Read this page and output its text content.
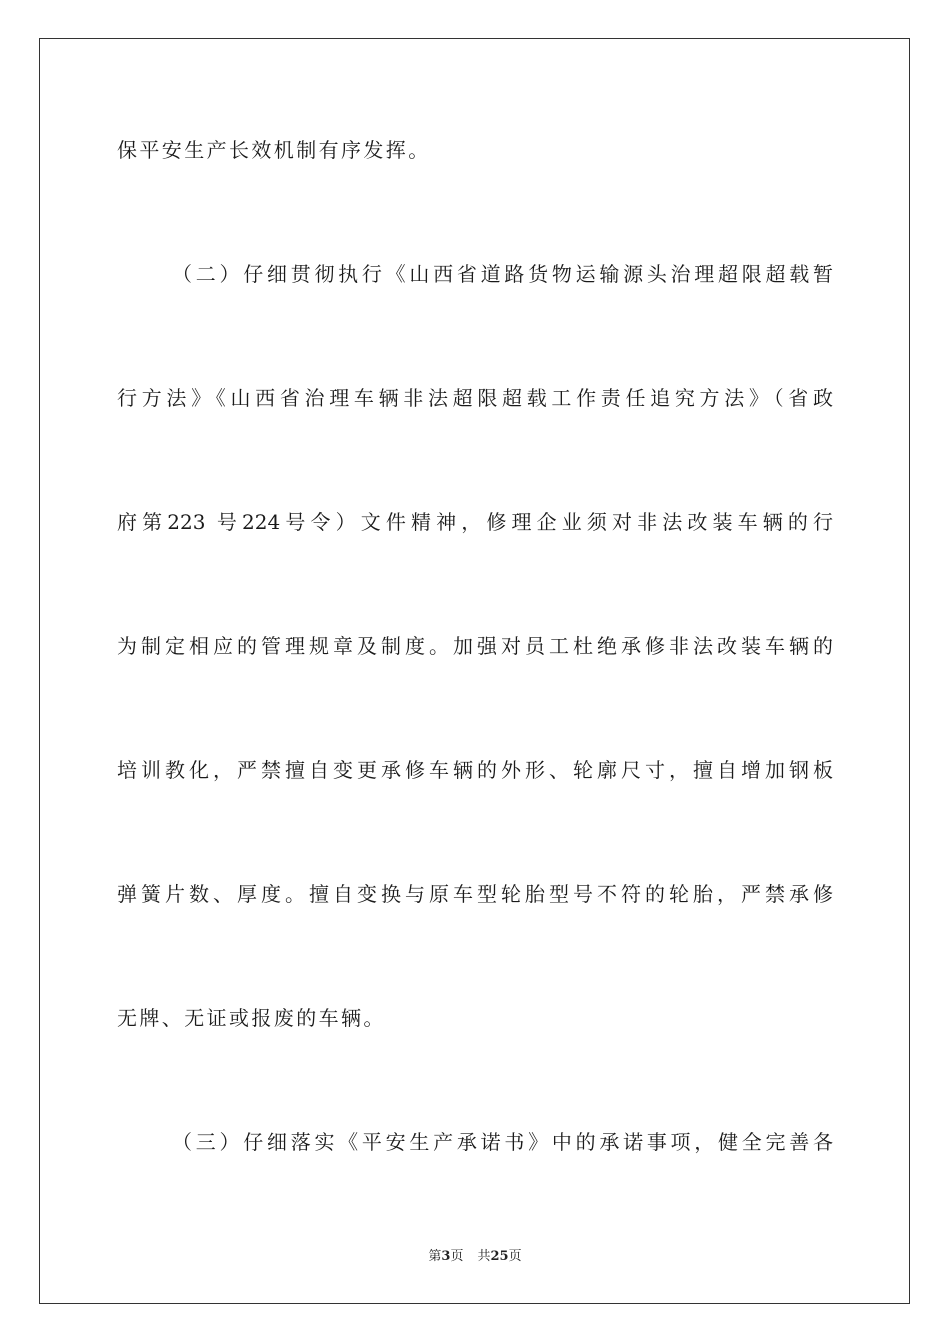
保平安生产长效机制有序发挥。
（二）仔细贯彻执行《山西省道路货物运输源头治理超限超载暂
行方法》《山西省治理车辆非法超限超载工作责任追究方法》（省政
府第223 号224号令）文件精神，修理企业须对非法改装车辆的行
为制定相应的管理规章及制度。加强对员工杜绝承修非法改装车辆的
培训教化，严禁擅自变更承修车辆的外形、轮廓尺寸，擅自增加钢板
弹簧片数、厚度。擅自变换与原车型轮胎型号不符的轮胎，严禁承修
无牌、无证或报废的车辆。
（三）仔细落实《平安生产承诺书》中的承诺事项，健全完善各
第3页 共25页
